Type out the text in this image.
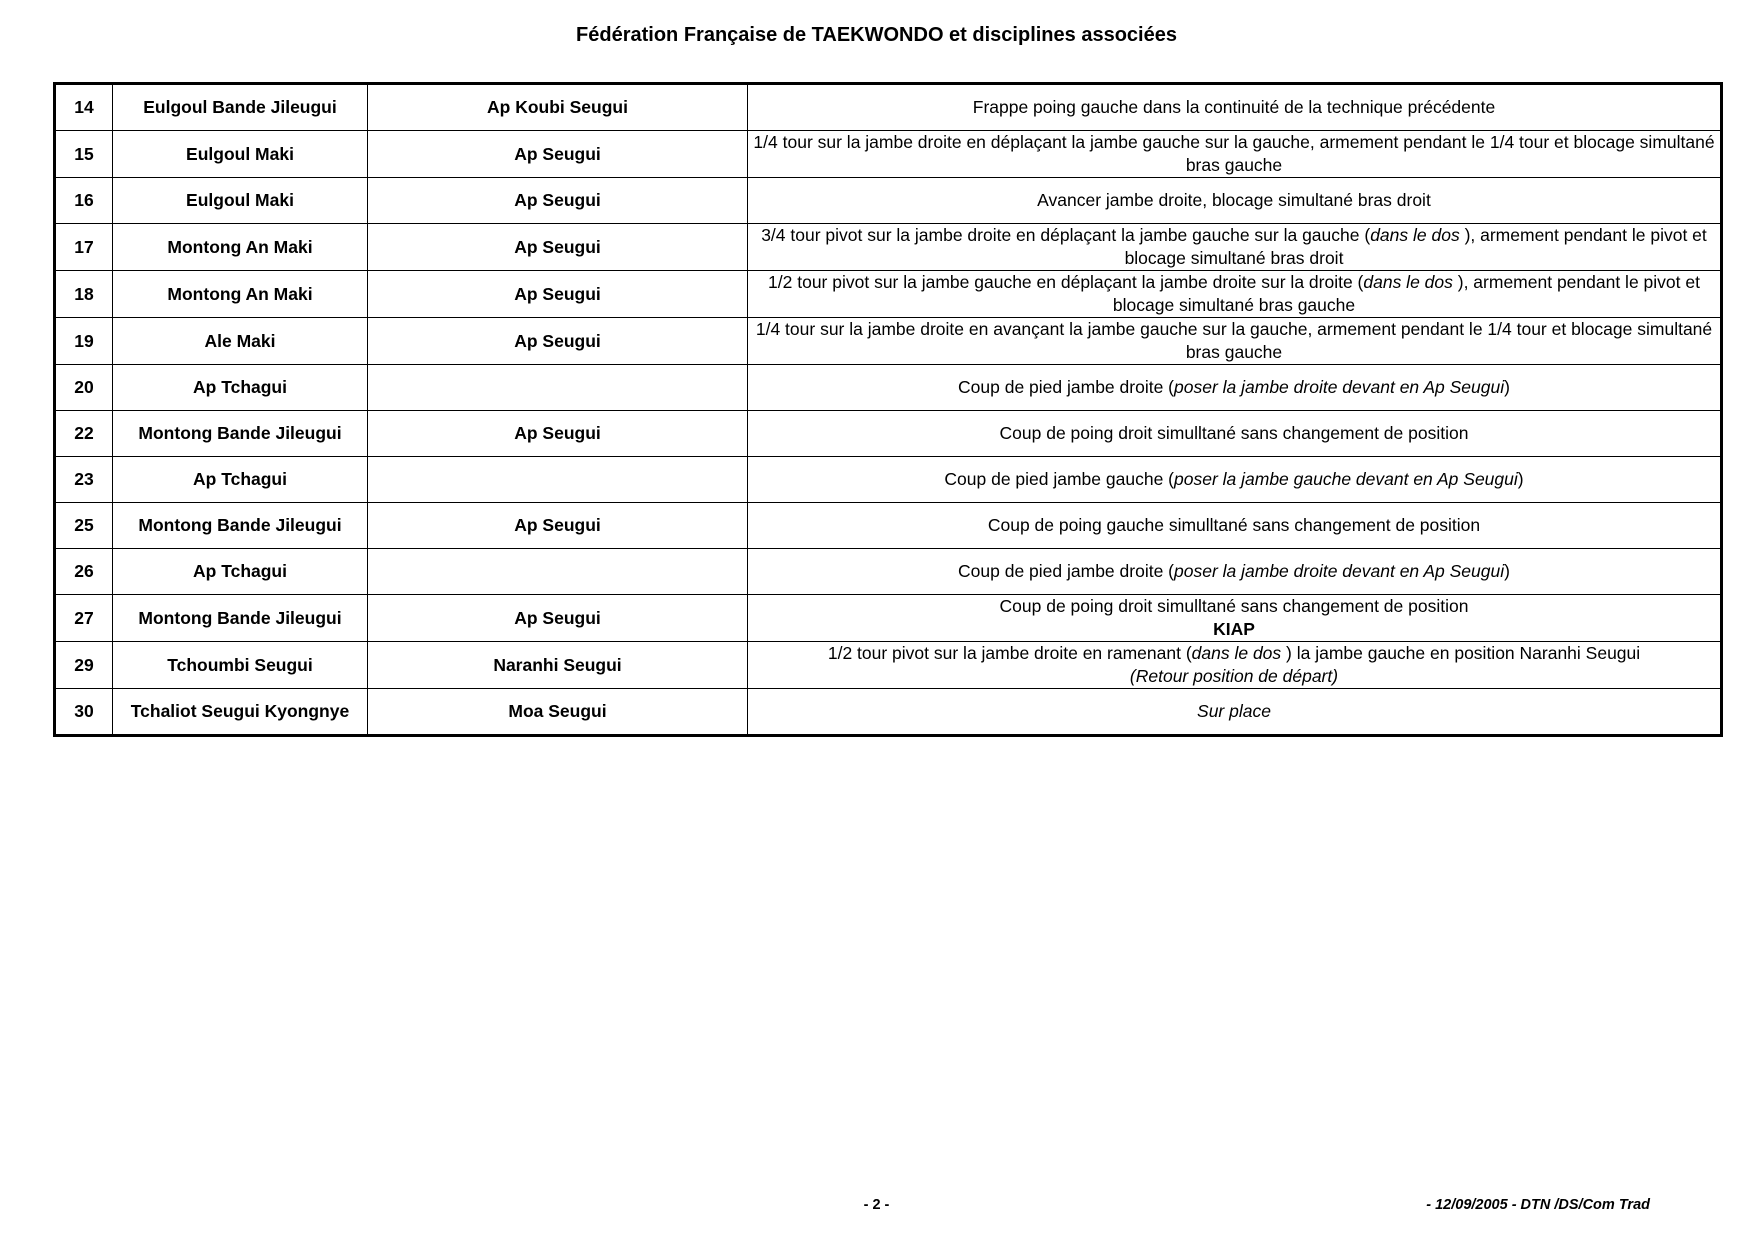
Fédération Française de TAEKWONDO et disciplines associées
14	Eulgoul Bande Jileugui	Ap Koubi Seugui	Frappe poing gauche dans la continuité de la technique précédente
15	Eulgoul Maki	Ap Seugui	1/4 tour sur la jambe droite en déplaçant la jambe gauche sur la gauche, armement pendant le 1/4 tour et blocage simultané bras gauche
16	Eulgoul Maki	Ap Seugui	Avancer jambe droite, blocage simultané bras droit
17	Montong An Maki	Ap Seugui	3/4 tour pivot sur la jambe droite en déplaçant la jambe gauche sur la gauche (dans le dos ), armement pendant le pivot et blocage simultané bras droit
18	Montong An Maki	Ap Seugui	1/2 tour pivot sur la jambe gauche en déplaçant la jambe droite sur la droite (dans le dos ), armement pendant le pivot et blocage simultané bras gauche
19	Ale Maki	Ap Seugui	1/4 tour sur la jambe droite en avançant la jambe gauche sur la gauche, armement pendant le 1/4 tour et blocage simultané bras gauche
20	Ap Tchagui		Coup de pied jambe droite (poser la jambe droite devant en Ap Seugui)
22	Montong Bande Jileugui	Ap Seugui	Coup de poing droit simulltané sans changement de position
23	Ap Tchagui		Coup de pied jambe gauche (poser la jambe gauche devant en Ap Seugui)
25	Montong Bande Jileugui	Ap Seugui	Coup de poing gauche simulltané sans changement de position
26	Ap Tchagui		Coup de pied jambe droite (poser la jambe droite devant en Ap Seugui)
27	Montong Bande Jileugui	Ap Seugui	Coup de poing droit simulltané sans changement de position
KIAP
29	Tchoumbi Seugui	Naranhi Seugui	1/2 tour pivot sur la jambe droite en ramenant (dans le dos ) la jambe gauche en position Naranhi Seugui
(Retour position de départ)
30	Tchaliot Seugui Kyongnye	Moa Seugui	Sur place
- 2 -	- 12/09/2005 - DTN /DS/Com Trad
